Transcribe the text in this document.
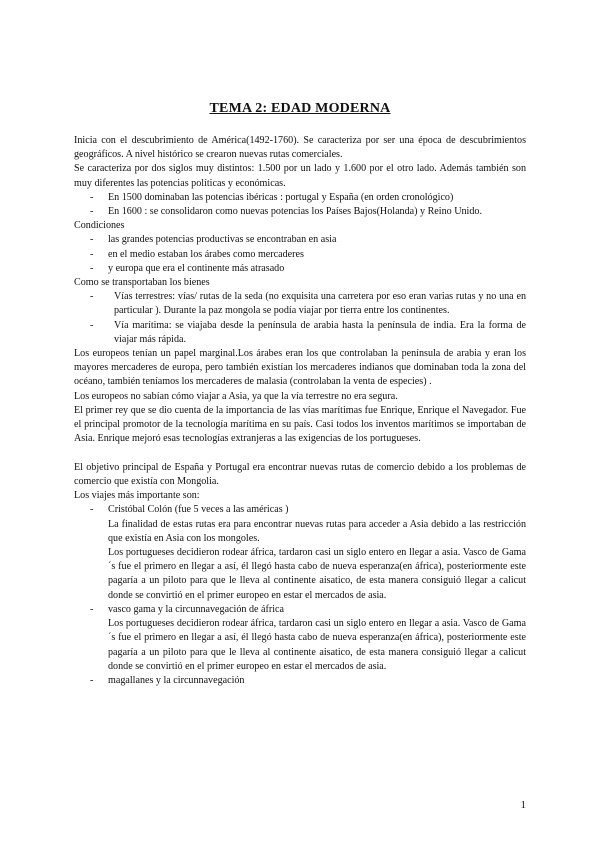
TEMA 2: EDAD MODERNA

Inicia con el descubrimiento de América(1492-1760). Se caracteriza por ser una época de descubrimientos geográficos. A nivel histórico se crearon nuevas rutas comerciales.

Se caracteriza por dos siglos muy distintos: 1.500 por un lado y 1.600 por el otro lado. Además también son muy diferentes las potencias políticas y económicas.

- En 1500 dominaban las potencias ibéricas : portugal y España (en orden cronológico)
- En 1600 : se consolidaron como nuevas potencias los Países Bajos(Holanda) y Reino Unido.

Condiciones

- las grandes potencias productivas se encontraban en asia
- en el medio estaban los árabes como mercaderes
- y europa que era el continente más atrasado

Como se transportaban los bienes

- Vías terrestres: vías/ rutas de la seda (no exquisita una carretera por eso eran varias rutas y no una en particular ). Durante la paz mongola se podía viajar por tierra entre los continentes.
- Vía marítima: se viajaba desde la península de arabia hasta la península de india. Era la forma de viajar más rápida.

Los europeos tenían un papel marginal.Los árabes eran los que controlaban la península de arabia y eran los mayores mercaderes de europa, pero también existían los mercaderes indianos que dominaban toda la zona del océano, también teníamos los mercaderes de malasia (controlaban la venta de especies) .

Los europeos no sabían cómo viajar a Asia, ya que la vía terrestre no era segura.

El primer rey que se dio cuenta de la importancia de las vías marítimas fue Enrique, Enrique el Navegador. Fue el principal promotor de la tecnología marítima en su país. Casi todos los inventos marítimos se importaban de Asia. Enrique mejoró esas tecnologías extranjeras a las exigencias de los portugueses.

El objetivo principal de España y Portugal era encontrar nuevas rutas de comercio debido a los problemas de comercio que existía con Mongolia.

Los viajes más importante son:

- Cristóbal Colón (fue 5 veces a las américas )

La finalidad de estas rutas era para encontrar nuevas rutas para acceder a Asia debido a las restricción que existía en Asia con los mongoles.

Los portugueses decidieron rodear áfrica, tardaron casi un siglo entero en llegar a asia. Vasco de Gama´s fue el primero en llegar a así, él llegó hasta cabo de nueva esperanza(en áfrica), posteriormente este pagaría a un piloto para que le lleva al continente aisatico, de esta manera consiguió llegar a calicut donde se convirtió en el primer europeo en estar el mercados de asia.

- vasco gama y la circunnavegación de áfrica

Los portugueses decidieron rodear áfrica, tardaron casi un siglo entero en llegar a asia. Vasco de Gama´s fue el primero en llegar a así, él llegó hasta cabo de nueva esperanza(en áfrica), posteriormente este pagaría a un piloto para que le lleva al continente aisatico, de esta manera consiguió llegar a calicut donde se convirtió en el primer europeo en estar el mercados de asia.

- magallanes y la circunnavegación
1
